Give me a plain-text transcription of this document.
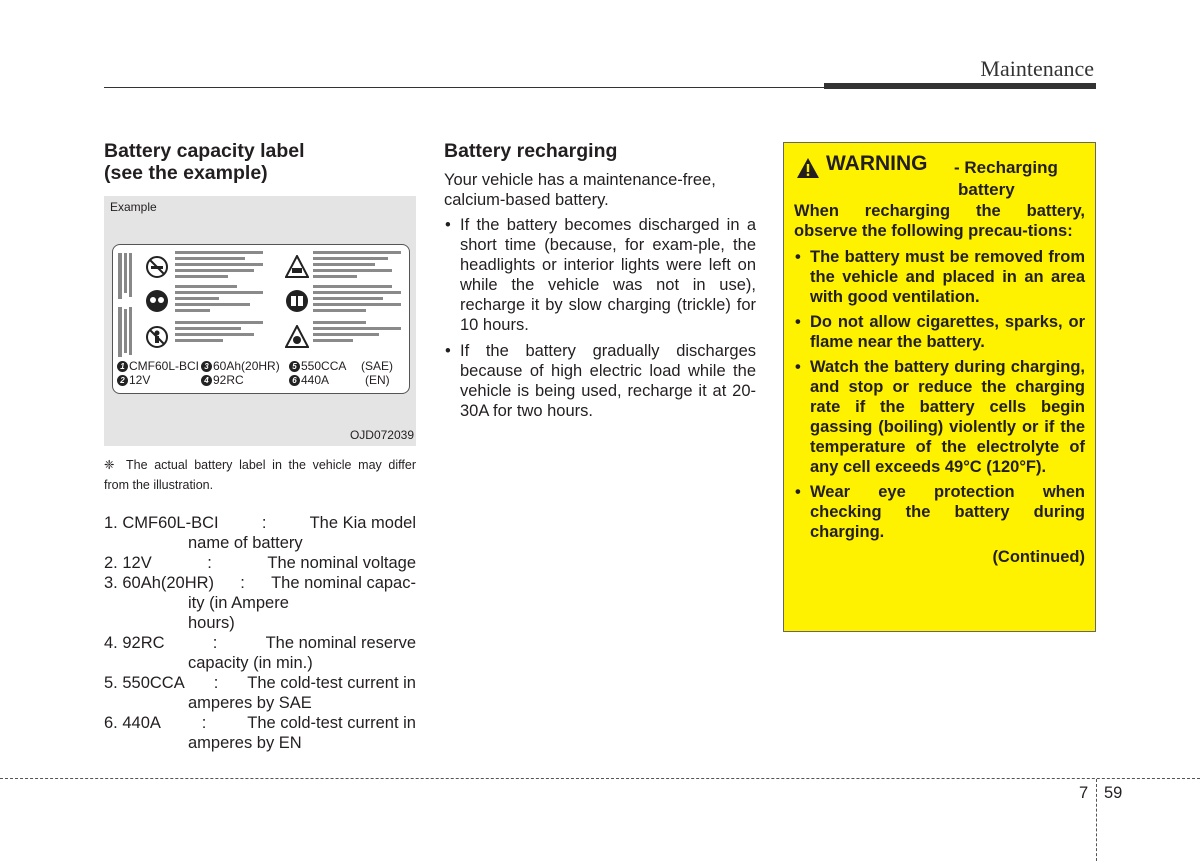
Maintenance
Battery capacity label
(see the example)
Example
1 CMF60L-BCI 3 60Ah(20HR)	5 550CCA (SAE)
2 12V	4 92RC	6 440A	(EN)
OJD072039
❈ The actual battery label in the vehicle may differ from the illustration.
1. CMF60L-BCI	:	The Kia model
name of battery
2. 12V	:	The nominal voltage
3. 60Ah(20HR) : The nominal capac-
ity (in Ampere
hours)
4. 92RC	:	The nominal reserve
capacity (in min.)
5. 550CCA : The cold-test current in
amperes by SAE
6. 440A : The cold-test current in
amperes by EN
Battery recharging

Your vehicle has a maintenance-free, calcium-based battery.

• If the battery becomes discharged in a short time (because, for exam-ple, the headlights or interior lights were left on while the vehicle was not in use), recharge it by slow charging (trickle) for 10 hours.
• If the battery gradually discharges because of high electric load while the vehicle is being used, recharge it at 20-30A for two hours.
WARNING - Recharging
battery

When recharging the battery, observe the following precau-tions:

• The battery must be removed from the vehicle and placed in an area with good ventilation.
• Do not allow cigarettes, sparks, or flame near the battery.
• Watch the battery during charging, and stop or reduce the charging rate if the battery cells begin gassing (boiling) violently or if the temperature of the electrolyte of any cell exceeds 49°C (120°F).
• Wear eye protection when checking the battery during charging.
(Continued)
7 59
